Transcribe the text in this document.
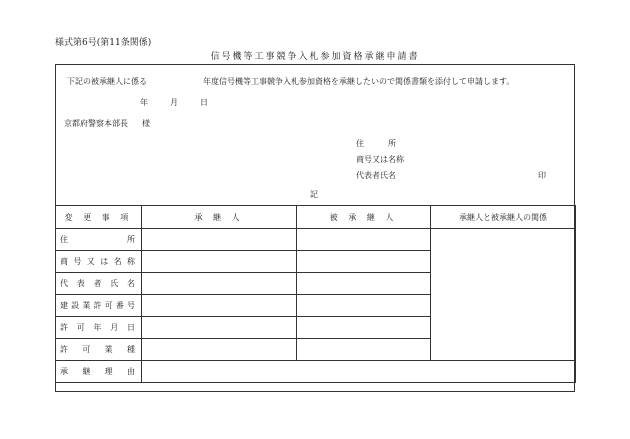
様式第6号(第11条関係)
信号機等工事競争入札参加資格承継申請書
下記の被承継人に係る	年度信号機等工事競争入札参加資格を承継したいので関係書類を添付して申請します。
年	月	日
京都府警察本部長 様
住　　　所
商号又は名称
代表者氏名	印
記
変 更 事 項	承 継 人	被 承 継 人	承継人と被承継人の関係
住所			
商号又は名称			
代表者氏名			
建設業許可番号			
許可年月日			
許可業種			
承継理由			
